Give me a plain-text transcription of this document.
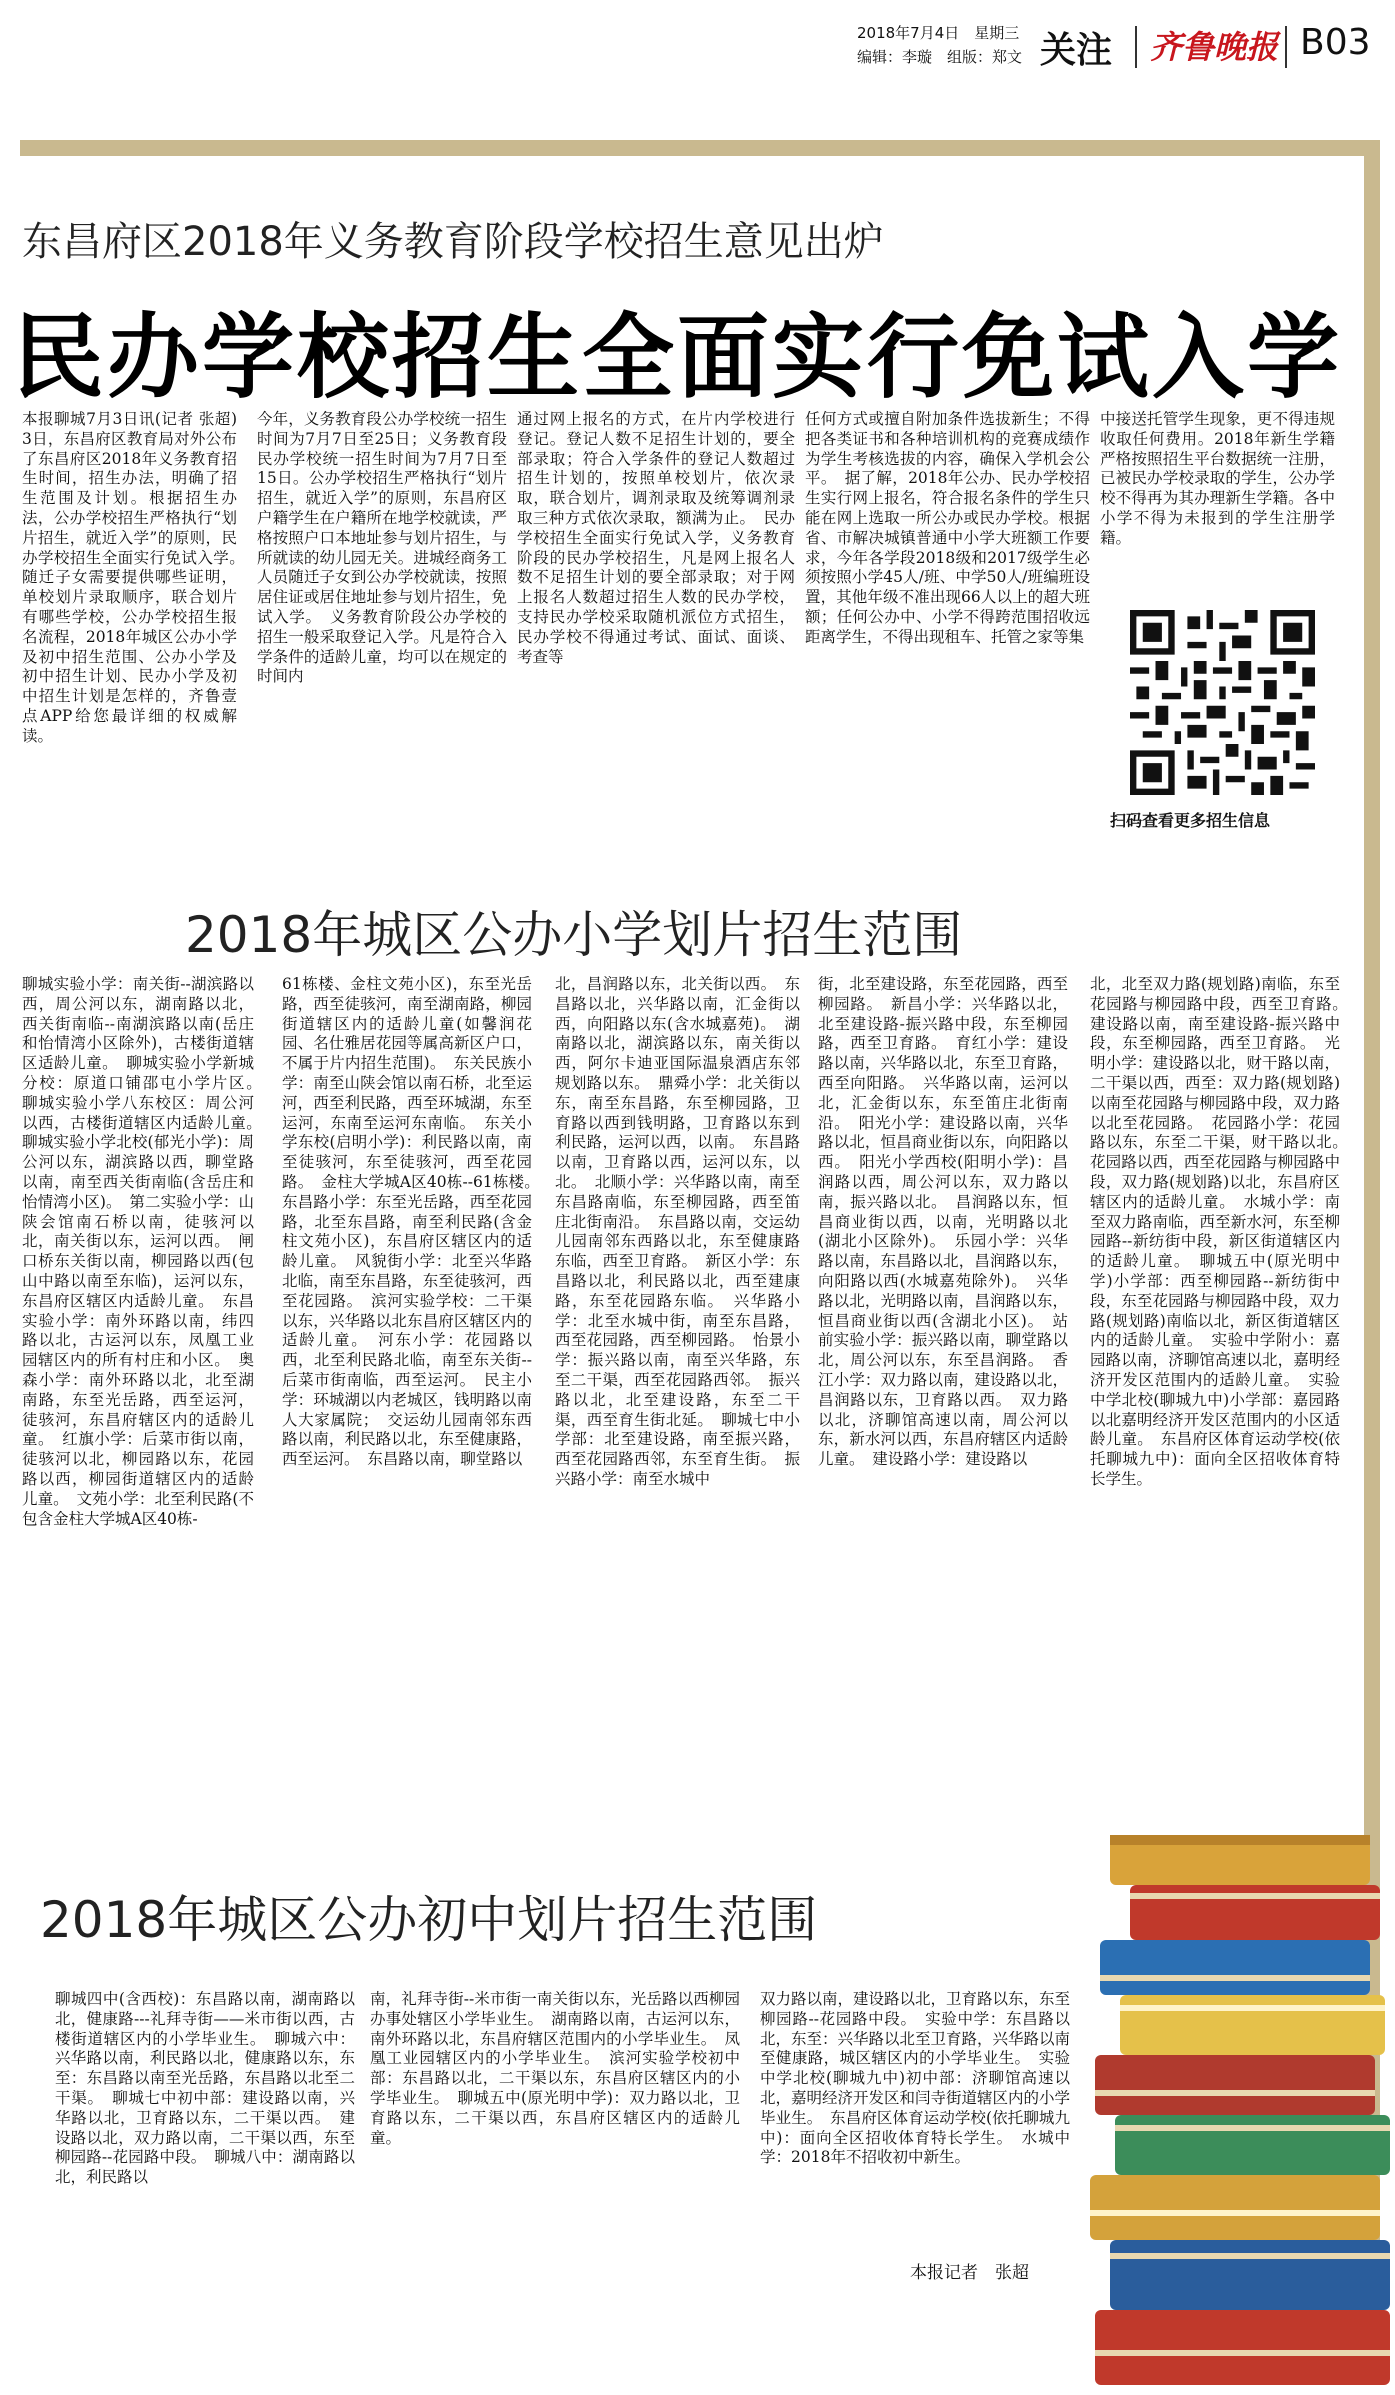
2018年7月4日　星期三
编辑：李璇　组版：郑文 关注 齐鲁晚报 B03
东昌府区2018年义务教育阶段学校招生意见出炉
民办学校招生全面实行免试入学
本报聊城7月3日讯(记者 张超)　3日，东昌府区教育局对外公布了东昌府区2018年义务教育招生时间，招生办法，明确了招生范围及计划。根据招生办法，公办学校招生严格执行“划片招生，就近入学”的原则，民办学校招生全面实行免试入学。　随迁子女需要提供哪些证明，单校划片录取顺序，联合划片有哪些学校，公办学校招生报名流程，2018年城区公办小学及初中招生范围、公办小学及初中招生计划、民办小学及初中招生计划是怎样的，齐鲁壹点APP给您最详细的权威解读。
今年，义务教育段公办学校统一招生时间为7月7日至25日；义务教育段民办学校统一招生时间为7月7日至15日。公办学校招生严格执行“划片招生，就近入学”的原则，东昌府区户籍学生在户籍所在地学校就读，严格按照户口本地址参与划片招生，与所就读的幼儿园无关。进城经商务工人员随迁子女到公办学校就读，按照居住证或居住地址参与划片招生，免试入学。　义务教育阶段公办学校的招生一般采取登记入学。凡是符合入学条件的适龄儿童，均可以在规定的时间内
通过网上报名的方式，在片内学校进行登记。登记人数不足招生计划的，要全部录取；符合入学条件的登记人数超过招生计划的，按照单校划片，依次录取，联合划片，调剂录取及统筹调剂录取三种方式依次录取，额满为止。　民办学校招生全面实行免试入学，义务教育阶段的民办学校招生，凡是网上报名人数不足招生计划的要全部录取；对于网上报名人数超过招生人数的民办学校，支持民办学校采取随机派位方式招生，民办学校不得通过考试、面试、面谈、考查等
任何方式或擅自附加条件选拔新生；不得把各类证书和各种培训机构的竞赛成绩作为学生考核选拔的内容，确保入学机会公平。　据了解，2018年公办、民办学校招生实行网上报名，符合报名条件的学生只能在网上选取一所公办或民办学校。根据省、市解决城镇普通中小学大班额工作要求，今年各学段2018级和2017级学生必须按照小学45人/班、中学50人/班编班设置，其他年级不准出现66人以上的超大班额；任何公办中、小学不得跨范围招收远距离学生，不得出现租车、托管之家等集
中接送托管学生现象，更不得违规收取任何费用。2018年新生学籍严格按照招生平台数据统一注册，已被民办学校录取的学生，公办学校不得再为其办理新生学籍。各中小学不得为未报到的学生注册学籍。
扫码查看更多招生信息
2018年城区公办小学划片招生范围
聊城实验小学：南关街--湖滨路以西，周公河以东，湖南路以北，西关街南临--南湖滨路以南(岳庄和怡情湾小区除外)，古楼街道辖区适龄儿童。　聊城实验小学新城分校：原道口铺邵屯小学片区。　聊城实验小学八东校区：周公河以西，古楼街道辖区内适龄儿童。　聊城实验小学北校(郁光小学)：周公河以东，湖滨路以西，聊堂路以南，南至西关街南临(含岳庄和怡情湾小区)。　第二实验小学：山陕会馆南石桥以南，徒骇河以北，南关街以东，运河以西。　闸口桥东关街以南，柳园路以西(包山中路以南至东临)，运河以东，东昌府区辖区内适龄儿童。　东昌实验小学：南外环路以南，纬四路以北，古运河以东，凤凰工业园辖区内的所有村庄和小区。　奥森小学：南外环路以北，北至湖南路，东至光岳路，西至运河，徒骇河，东昌府辖区内的适龄儿童。　红旗小学：后菜市街以南，徒骇河以北，柳园路以东，花园路以西，柳园街道辖区内的适龄儿童。　文苑小学：北至利民路(不包含金柱大学城A区40栋-
61栋楼、金柱文苑小区)，东至光岳路，西至徒骇河，南至湖南路，柳园街道辖区内的适龄儿童(如馨润花园、名仕雅居花园等属高新区户口，不属于片内招生范围)。　东关民族小学：南至山陕会馆以南石桥，北至运河，西至利民路，西至环城湖，东至运河，东南至运河东南临。　东关小学东校(启明小学)：利民路以南，南至徒骇河，东至徒骇河，西至花园路。　金柱大学城A区40栋--61栋楼。　东昌路小学：东至光岳路，西至花园路，北至东昌路，南至利民路(含金柱文苑小区)，东昌府区辖区内的适龄儿童。　风貌街小学：北至兴华路北临，南至东昌路，东至徒骇河，西至花园路。　滨河实验学校：二干渠以东，兴华路以北东昌府区辖区内的适龄儿童。　河东小学：花园路以西，北至利民路北临，南至东关街--后菜市街南临，西至运河。　民主小学：环城湖以内老城区，钱明路以南人大家属院；　交运幼儿园南邻东西路以南，利民路以北，东至健康路，西至运河。　东昌路以南，聊堂路以
北，昌润路以东，北关街以西。　东昌路以北，兴华路以南，汇金街以西，向阳路以东(含水城嘉苑)。　湖南路以北，湖滨路以东，南关街以西，阿尔卡迪亚国际温泉酒店东邻规划路以东。　鼎舜小学：北关街以东，南至东昌路，东至柳园路，卫育路以西到钱明路，卫育路以东到利民路，运河以西，以南。　东昌路以南，卫育路以西，运河以东，以北。　北顺小学：兴华路以南，南至东昌路南临，东至柳园路，西至笛庄北街南沿。　东昌路以南，交运幼儿园南邻东西路以北，东至健康路东临，西至卫育路。　新区小学：东昌路以北，利民路以北，西至建康路，东至花园路东临。　兴华路小学：北至水城中街，南至东昌路，西至花园路，西至柳园路。　怡景小学：振兴路以南，南至兴华路，东至二干渠，西至花园路西邻。　振兴路以北，北至建设路，东至二干渠，西至育生街北延。　聊城七中小学部：北至建设路，南至振兴路，西至花园路西邻，东至育生街。　振兴路小学：南至水城中
街，北至建设路，东至花园路，西至柳园路。　新昌小学：兴华路以北，北至建设路-振兴路中段，东至柳园路，西至卫育路。　育红小学：建设路以南，兴华路以北，东至卫育路，西至向阳路。　兴华路以南，运河以北，汇金街以东，东至笛庄北街南沿。　阳光小学：建设路以南，兴华路以北，恒昌商业街以东，向阳路以西。　阳光小学西校(阳明小学)：昌润路以西，周公河以东，双力路以南，振兴路以北。　昌润路以东，恒昌商业街以西，以南，光明路以北(湖北小区除外)。　乐园小学：兴华路以南，东昌路以北，昌润路以东，向阳路以西(水城嘉苑除外)。　兴华路以北，光明路以南，昌润路以东，恒昌商业街以西(含湖北小区)。　站前实验小学：振兴路以南，聊堂路以北，周公河以东，东至昌润路。　香江小学：双力路以南，建设路以北，昌润路以东，卫育路以西。　双力路以北，济聊馆高速以南，周公河以东，新水河以西，东昌府辖区内适龄儿童。　建设路小学：建设路以
北，北至双力路(规划路)南临，东至花园路与柳园路中段，西至卫育路。　建设路以南，南至建设路-振兴路中段，东至柳园路，西至卫育路。　光明小学：建设路以北，财干路以南，二干渠以西，西至：双力路(规划路)以南至花园路与柳园路中段，双力路以北至花园路。　花园路小学：花园路以东，东至二干渠，财干路以北。　花园路以西，西至花园路与柳园路中段，双力路(规划路)以北，东昌府区辖区内的适龄儿童。　水城小学：南至双力路南临，西至新水河，东至柳园路--新纺街中段，新区街道辖区内的适龄儿童。　聊城五中(原光明中学)小学部：西至柳园路--新纺街中段，东至花园路与柳园路中段，双力路(规划路)南临以北，新区街道辖区内的适龄儿童。　实验中学附小：嘉园路以南，济聊馆高速以北，嘉明经济开发区范围内的适龄儿童。　实验中学北校(聊城九中)小学部：嘉园路以北嘉明经济开发区范围内的小区适龄儿童。　东昌府区体育运动学校(依托聊城九中)：面向全区招收体育特长学生。
2018年城区公办初中划片招生范围
聊城四中(含西校)：东昌路以南，湖南路以北，健康路---礼拜寺街——米市街以西，古楼街道辖区内的小学毕业生。　聊城六中：兴华路以南，利民路以北，健康路以东，东至：东昌路以南至光岳路，东昌路以北至二干渠。　聊城七中初中部：建设路以南，兴华路以北，卫育路以东，二干渠以西。　建设路以北，双力路以南，二干渠以西，东至柳园路--花园路中段。　聊城八中：湖南路以北，利民路以
南，礼拜寺街--米市街一南关街以东，光岳路以西柳园办事处辖区小学毕业生。　湖南路以南，古运河以东，南外环路以北，东昌府辖区范围内的小学毕业生。　凤凰工业园辖区内的小学毕业生。　滨河实验学校初中部：东昌路以北，二干渠以东，东昌府区辖区内的小学毕业生。　聊城五中(原光明中学)：双力路以北，卫育路以东，二干渠以西，东昌府区辖区内的适龄儿童。
双力路以南，建设路以北，卫育路以东，东至柳园路--花园路中段。　实验中学：东昌路以北，东至：兴华路以北至卫育路，兴华路以南至健康路，城区辖区内的小学毕业生。　实验中学北校(聊城九中)初中部：济聊馆高速以北，嘉明经济开发区和闫寺街道辖区内的小学毕业生。　东昌府区体育运动学校(依托聊城九中)：面向全区招收体育特长学生。　水城中学：2018年不招收初中新生。
本报记者　张超
